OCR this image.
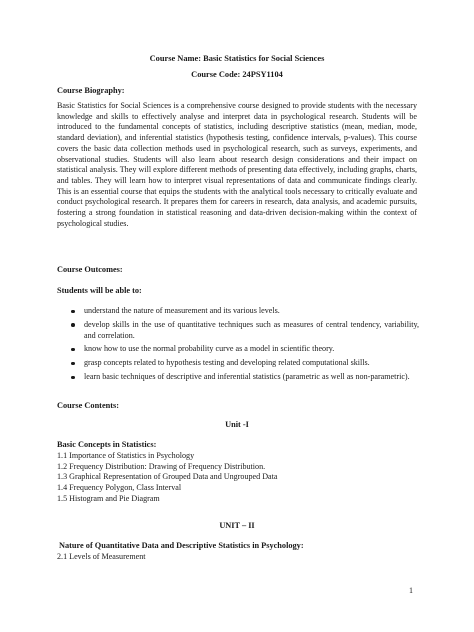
Course Name: Basic Statistics for Social Sciences
Course Code: 24PSY1104
Course Biography:
Basic Statistics for Social Sciences is a comprehensive course designed to provide students with the necessary knowledge and skills to effectively analyse and interpret data in psychological research. Students will be introduced to the fundamental concepts of statistics, including descriptive statistics (mean, median, mode, standard deviation), and inferential statistics (hypothesis testing, confidence intervals, p-values). This course covers the basic data collection methods used in psychological research, such as surveys, experiments, and observational studies. Students will also learn about research design considerations and their impact on statistical analysis. They will explore different methods of presenting data effectively, including graphs, charts, and tables. They will learn how to interpret visual representations of data and communicate findings clearly. This is an essential course that equips the students with the analytical tools necessary to critically evaluate and conduct psychological research. It prepares them for careers in research, data analysis, and academic pursuits, fostering a strong foundation in statistical reasoning and data-driven decision-making within the context of psychological studies.
Course Outcomes:
Students will be able to:
understand the nature of measurement and its various levels.
develop skills in the use of quantitative techniques such as measures of central tendency, variability, and correlation.
know how to use the normal probability curve as a model in scientific theory.
grasp concepts related to hypothesis testing and developing related computational skills.
learn basic techniques of descriptive and inferential statistics (parametric as well as non-parametric).
Course Contents:
Unit -I
Basic Concepts in Statistics:
1.1 Importance of Statistics in Psychology
1.2 Frequency Distribution: Drawing of Frequency Distribution.
1.3 Graphical Representation of Grouped Data and Ungrouped Data
1.4 Frequency Polygon, Class Interval
1.5 Histogram and Pie Diagram
UNIT – II
Nature of Quantitative Data and Descriptive Statistics in Psychology:
2.1 Levels of Measurement
1
